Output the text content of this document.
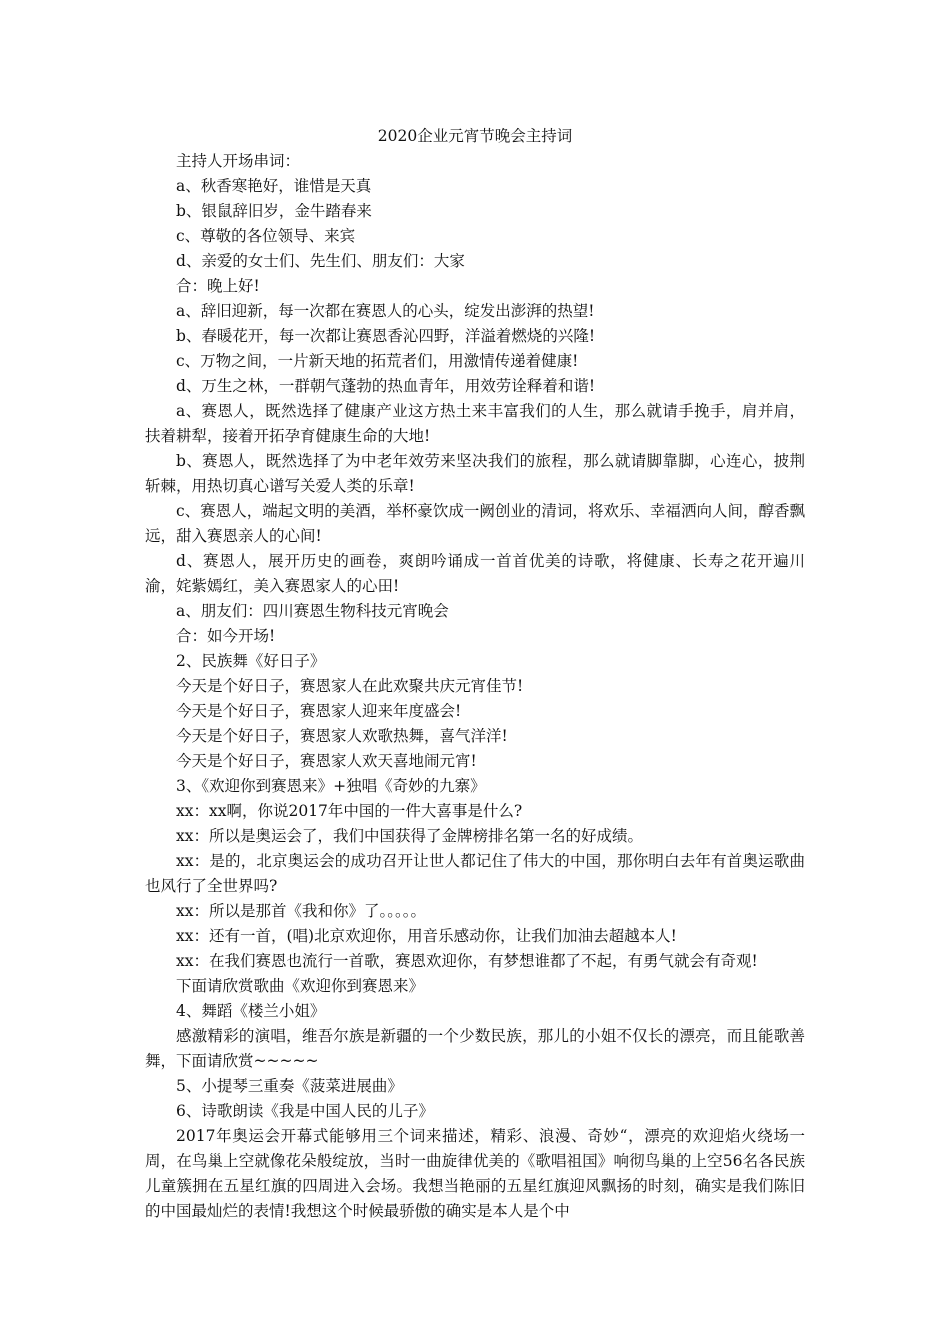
2020企业元宵节晚会主持词

主持人开场串词：

a、秋香寒艳好，谁惜是天真

b、银鼠辞旧岁，金牛踏春来

c、尊敬的各位领导、来宾

d、亲爱的女士们、先生们、朋友们：大家

合：晚上好!

a、辞旧迎新，每一次都在赛恩人的心头，绽发出澎湃的热望!

b、春暖花开，每一次都让赛恩香沁四野，洋溢着燃烧的兴隆!

c、万物之间，一片新天地的拓荒者们，用激情传递着健康!

d、万生之林，一群朝气蓬勃的热血青年，用效劳诠释着和谐!

a、赛恩人，既然选择了健康产业这方热土来丰富我们的人生，那么就请手挽手，肩并肩，扶着耕犁，接着开拓孕育健康生命的大地!

b、赛恩人，既然选择了为中老年效劳来坚决我们的旅程，那么就请脚靠脚，心连心，披荆斩棘，用热切真心谱写关爱人类的乐章!

c、赛恩人，端起文明的美酒，举杯豪饮成一阙创业的清词，将欢乐、幸福洒向人间，醇香飘远，甜入赛恩亲人的心间!

d、赛恩人，展开历史的画卷，爽朗吟诵成一首首优美的诗歌，将健康、长寿之花开遍川渝，姹紫嫣红，美入赛恩家人的心田!

a、朋友们：四川赛恩生物科技元宵晚会

合：如今开场!

2、民族舞《好日子》

今天是个好日子，赛恩家人在此欢聚共庆元宵佳节!

今天是个好日子，赛恩家人迎来年度盛会!

今天是个好日子，赛恩家人欢歌热舞，喜气洋洋!

今天是个好日子，赛恩家人欢天喜地闹元宵!

3、《欢迎你到赛恩来》+独唱《奇妙的九寨》

xx：xx啊，你说2017年中国的一件大喜事是什么?

xx：所以是奥运会了，我们中国获得了金牌榜排名第一名的好成绩。

xx：是的，北京奥运会的成功召开让世人都记住了伟大的中国，那你明白去年有首奥运歌曲也风行了全世界吗?

xx：所以是那首《我和你》了。。。。。

xx：还有一首，(唱)北京欢迎你，用音乐感动你，让我们加油去超越本人!

xx：在我们赛恩也流行一首歌，赛恩欢迎你，有梦想谁都了不起，有勇气就会有奇观!

下面请欣赏歌曲《欢迎你到赛恩来》

4、舞蹈《楼兰小姐》

感激精彩的演唱，维吾尔族是新疆的一个少数民族，那儿的小姐不仅长的漂亮，而且能歌善舞，下面请欣赏~~~~~

5、小提琴三重奏《菠菜进展曲》

6、诗歌朗读《我是中国人民的儿子》

2017年奥运会开幕式能够用三个词来描述，精彩、浪漫、奇妙“，漂亮的欢迎焰火绕场一周，在鸟巢上空就像花朵般绽放，当时一曲旋律优美的《歌唱祖国》响彻鸟巢的上空56名各民族儿童簇拥在五星红旗的四周进入会场。我想当艳丽的五星红旗迎风飘扬的时刻，确实是我们陈旧的中国最灿烂的表情!我想这个时候最骄傲的确实是本人是个中
